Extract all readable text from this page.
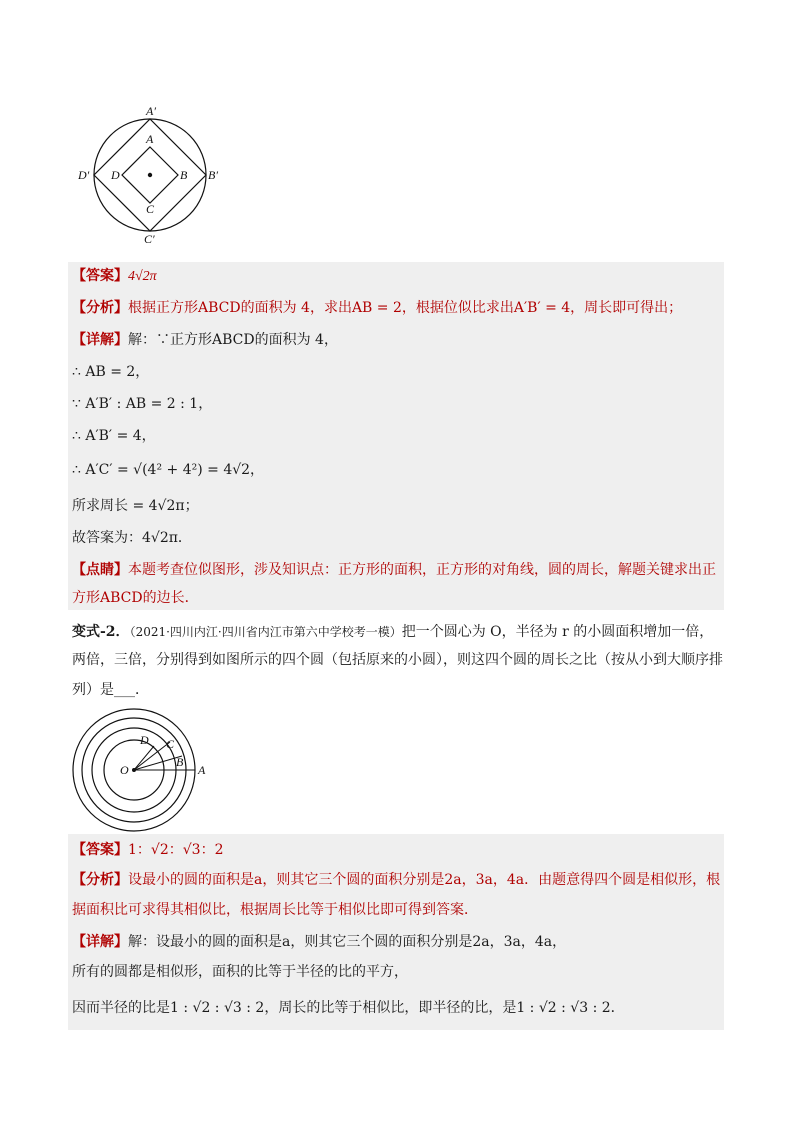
A′
B′
C′
D′
A
B
C
D
【答案】4√2π
【分析】根据正方形ABCD的面积为 4，求出AB = 2，根据位似比求出A′B′ = 4，周长即可得出；
【详解】解：∵正方形ABCD的面积为 4，
∴ AB = 2，
∵ A′B′ : AB = 2 : 1，
∴ A′B′ = 4，
∴ A′C′ = √(4² + 4²) = 4√2，
所求周长 = 4√2π；
故答案为：4√2π．
【点睛】本题考查位似图形，涉及知识点：正方形的面积，正方形的对角线，圆的周长，解题关键求出正
方形ABCD的边长．
变式-2．（2021·四川内江·四川省内江市第六中学校考一模）把一个圆心为 O，半径为 r 的小圆面积增加一倍，
两倍，三倍，分别得到如图所示的四个圆（包括原来的小圆），则这四个圆的周长之比（按从小到大顺序排
列）是___．
O	A
B
C
D
【答案】1：√2：√3：2
【分析】设最小的圆的面积是a，则其它三个圆的面积分别是2a，3a，4a．由题意得四个圆是相似形，根
据面积比可求得其相似比，根据周长比等于相似比即可得到答案．
【详解】解：设最小的圆的面积是a，则其它三个圆的面积分别是2a，3a，4a，
所有的圆都是相似形，面积的比等于半径的比的平方，
因而半径的比是1 : √2 : √3 : 2，周长的比等于相似比，即半径的比，是1 : √2 : √3 : 2．
